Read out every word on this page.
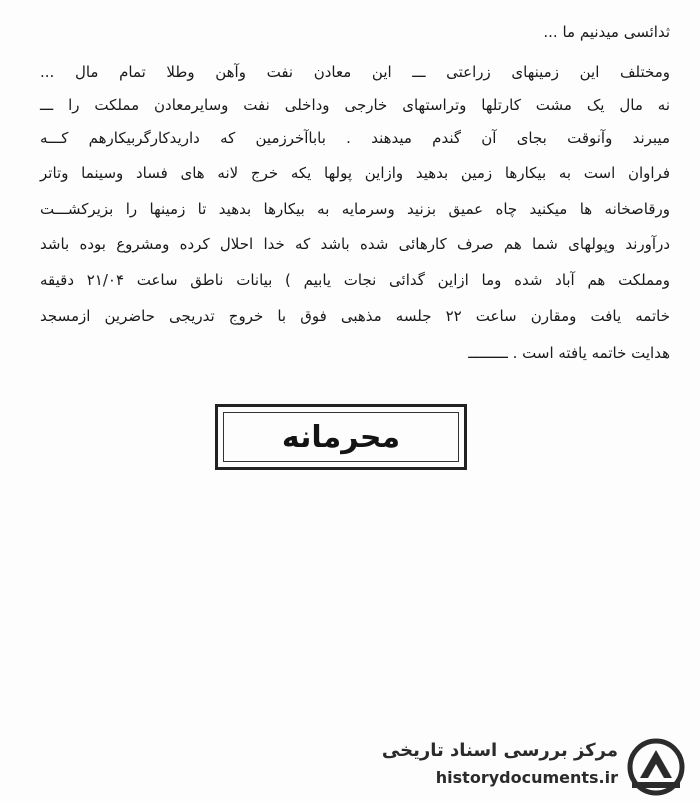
ثدائسی میدنیم ما ...
ومختلف این زمینهای زراعتی ـــ این معادن نفت وآهن وطلا تمام مال ...
نه مال یک مشت کارتلها وتراستهای خارجی وداخلی نفت وسایرمعادن مملکت را ـــ
میبرند وآنوقت بجای آن گندم میدهند . باباآخرزمین که داریدکارگربیکارهم کـــه
فراوان است به بیکارها زمین بدهید وازاین پولها یکه خرج لانه های فساد وسینما وتاتر
ورقاصخانه ها میکنید چاه عمیق بزنید وسرمایه به بیکارها بدهید تا زمینها را بزیرکشـــت
درآورند وپولهای شما هم صرف کارهائی شده باشد که خدا احلال کرده ومشروع بوده باشد
ومملکت هم آباد شده وما ازاین گدائی نجات یابیم ) بیانات ناطق ساعت ۲۱/۰۴ دقیقه
خاتمه یافت ومقارن ساعت ۲۲ جلسه مذهبی فوق با خروج تدریجی حاضرین ازمسجد
هدایت خاتمه یافته است . ـــــــــ
محرمانه
مرکز بررسی اسناد تاریخی
historydocuments.ir
